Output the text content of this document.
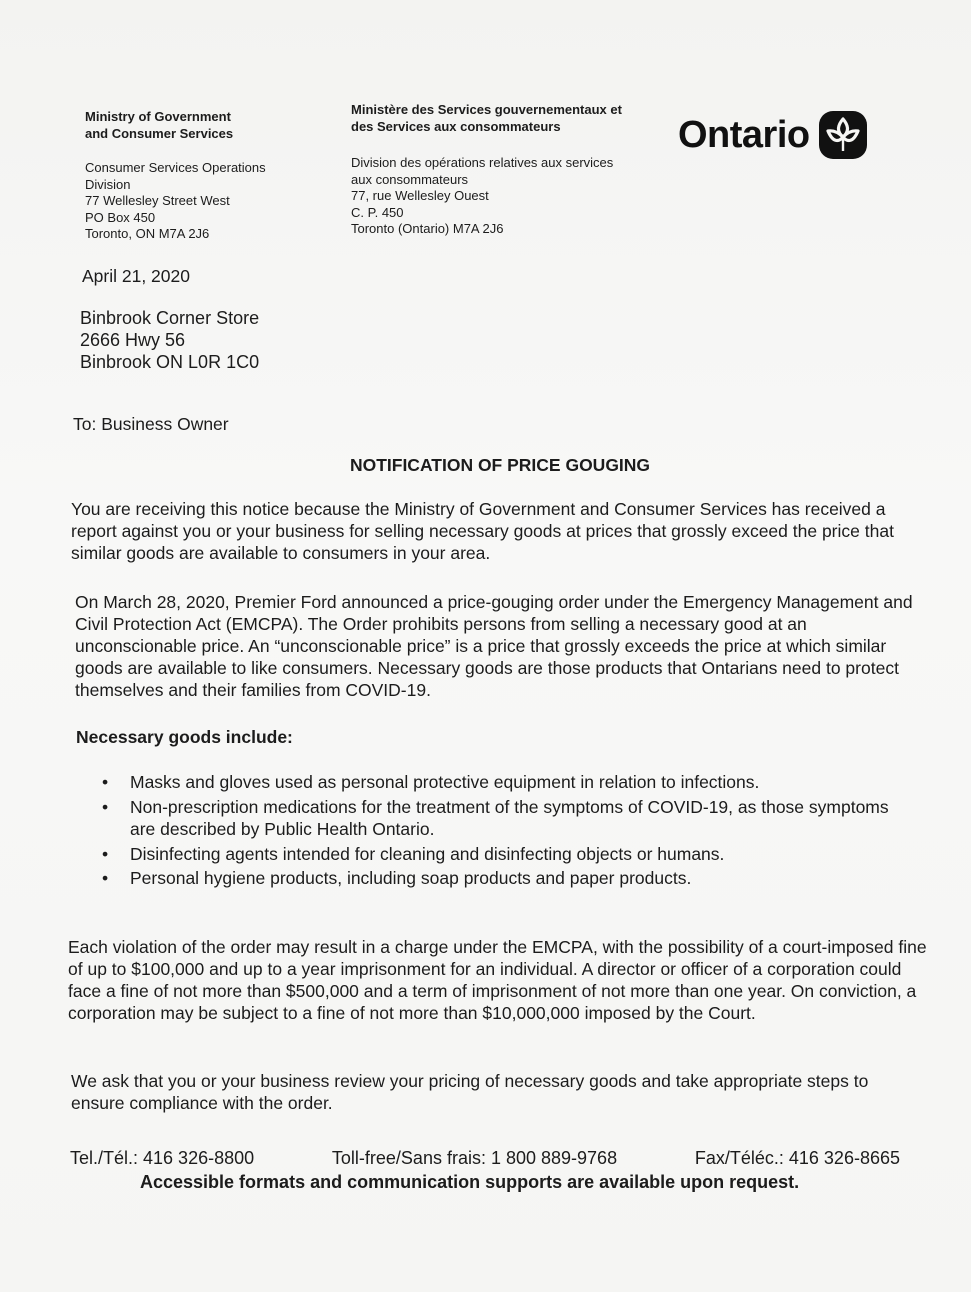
Ministry of Government
and Consumer Services
Consumer Services Operations
Division
77 Wellesley Street West
PO Box 450
Toronto, ON M7A 2J6
Ministère des Services gouvernementaux et
des Services aux consommateurs
Division des opérations relatives aux services
aux consommateurs
77, rue Wellesley Ouest
C. P. 450
Toronto (Ontario) M7A 2J6
Ontario
April 21, 2020
Binbrook Corner Store
2666 Hwy 56
Binbrook ON L0R 1C0
To: Business Owner
NOTIFICATION OF PRICE GOUGING
You are receiving this notice because the Ministry of Government and Consumer Services has received a report against you or your business for selling necessary goods at prices that grossly exceed the price that similar goods are available to consumers in your area.
On March 28, 2020, Premier Ford announced a price-gouging order under the Emergency Management and Civil Protection Act (EMCPA). The Order prohibits persons from selling a necessary good at an unconscionable price. An “unconscionable price” is a price that grossly exceeds the price at which similar goods are available to like consumers. Necessary goods are those products that Ontarians need to protect themselves and their families from COVID-19.
Necessary goods include:
• Masks and gloves used as personal protective equipment in relation to infections.
• Non-prescription medications for the treatment of the symptoms of COVID-19, as those symptoms are described by Public Health Ontario.
• Disinfecting agents intended for cleaning and disinfecting objects or humans.
• Personal hygiene products, including soap products and paper products.
Each violation of the order may result in a charge under the EMCPA, with the possibility of a court-imposed fine of up to $100,000 and up to a year imprisonment for an individual. A director or officer of a corporation could face a fine of not more than $500,000 and a term of imprisonment of not more than one year. On conviction, a corporation may be subject to a fine of not more than $10,000,000 imposed by the Court.
We ask that you or your business review your pricing of necessary goods and take appropriate steps to ensure compliance with the order.
Tel./Tél.: 416 326-8800	Toll-free/Sans frais: 1 800 889-9768	Fax/Téléc.: 416 326-8665
Accessible formats and communication supports are available upon request.
